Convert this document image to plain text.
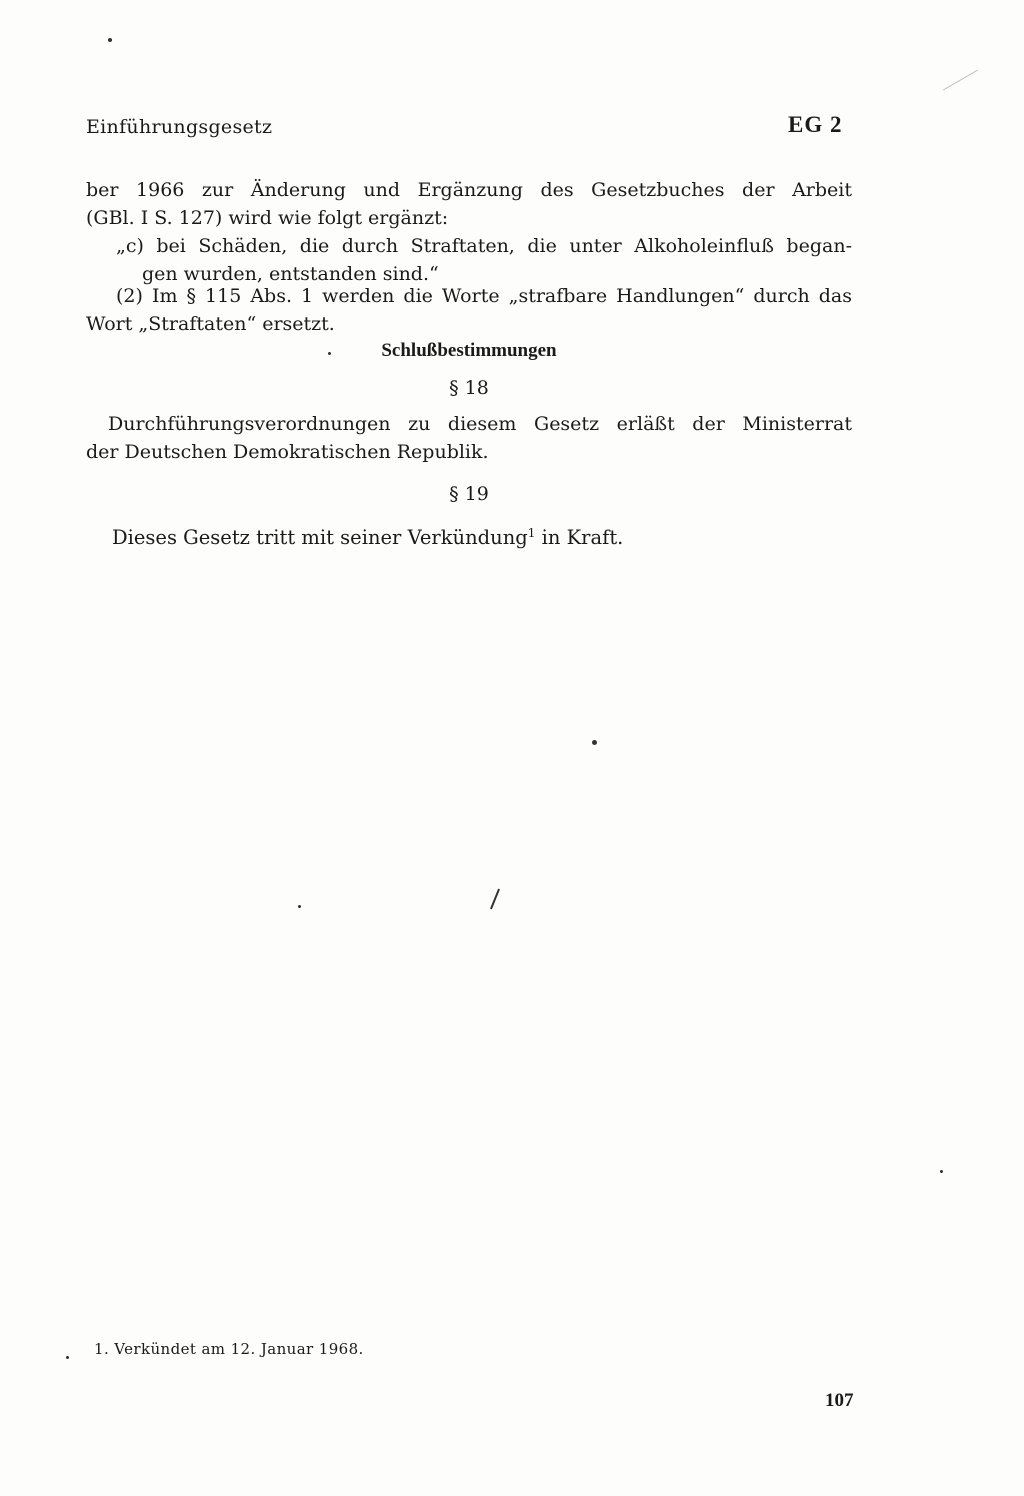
Einführungsgesetz	EG 2
ber 1966 zur Änderung und Ergänzung des Gesetzbuches der Arbeit
(GBl. I S. 127) wird wie folgt ergänzt:
„c) bei Schäden, die durch Straftaten, die unter Alkoholeinfluß began-
gen wurden, entstanden sind.“
(2) Im § 115 Abs. 1 werden die Worte „strafbare Handlungen“ durch das
Wort „Straftaten“ ersetzt.
Schlußbestimmungen
§ 18
Durchführungsverordnungen zu diesem Gesetz erläßt der Ministerrat
der Deutschen Demokratischen Republik.
§ 19
Dieses Gesetz tritt mit seiner Verkündung$^1$ in Kraft.
1. Verkündet am 12. Januar 1968.
107
